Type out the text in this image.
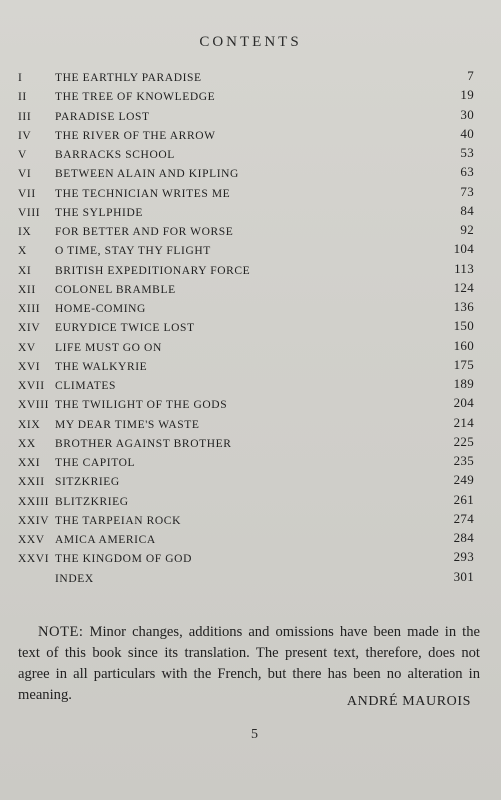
CONTENTS
I	THE EARTHLY PARADISE	7
II THE TREE OF KNOWLEDGE	19
III PARADISE LOST	30
IV THE RIVER OF THE ARROW	40
V BARRACKS SCHOOL	53
VI BETWEEN ALAIN AND KIPLING	63
VII THE TECHNICIAN WRITES ME	73
VIII THE SYLPHIDE	84
IX FOR BETTER AND FOR WORSE	92
X O TIME, STAY THY FLIGHT	104
XI BRITISH EXPEDITIONARY FORCE	113
XII COLONEL BRAMBLE	124
XIII HOME-COMING	136
XIV EURYDICE TWICE LOST	150
XV LIFE MUST GO ON	160
XVI THE WALKYRIE	175
XVII CLIMATES	189
XVIII THE TWILIGHT OF THE GODS	204
XIX MY DEAR TIME'S WASTE	214
XX BROTHER AGAINST BROTHER	225
XXI THE CAPITOL	235
XXII SITZKRIEG	249
XXIII BLITZKRIEG	261
XXIV THE TARPEIAN ROCK	274
XXV AMICA AMERICA	284
XXVI THE KINGDOM OF GOD	293
INDEX	301
NOTE: Minor changes, additions and omissions have been made in the text of this book since its translation. The present text, therefore, does not agree in all particulars with the French, but there has been no alteration in meaning.	ANDRÉ MAUROIS
5
